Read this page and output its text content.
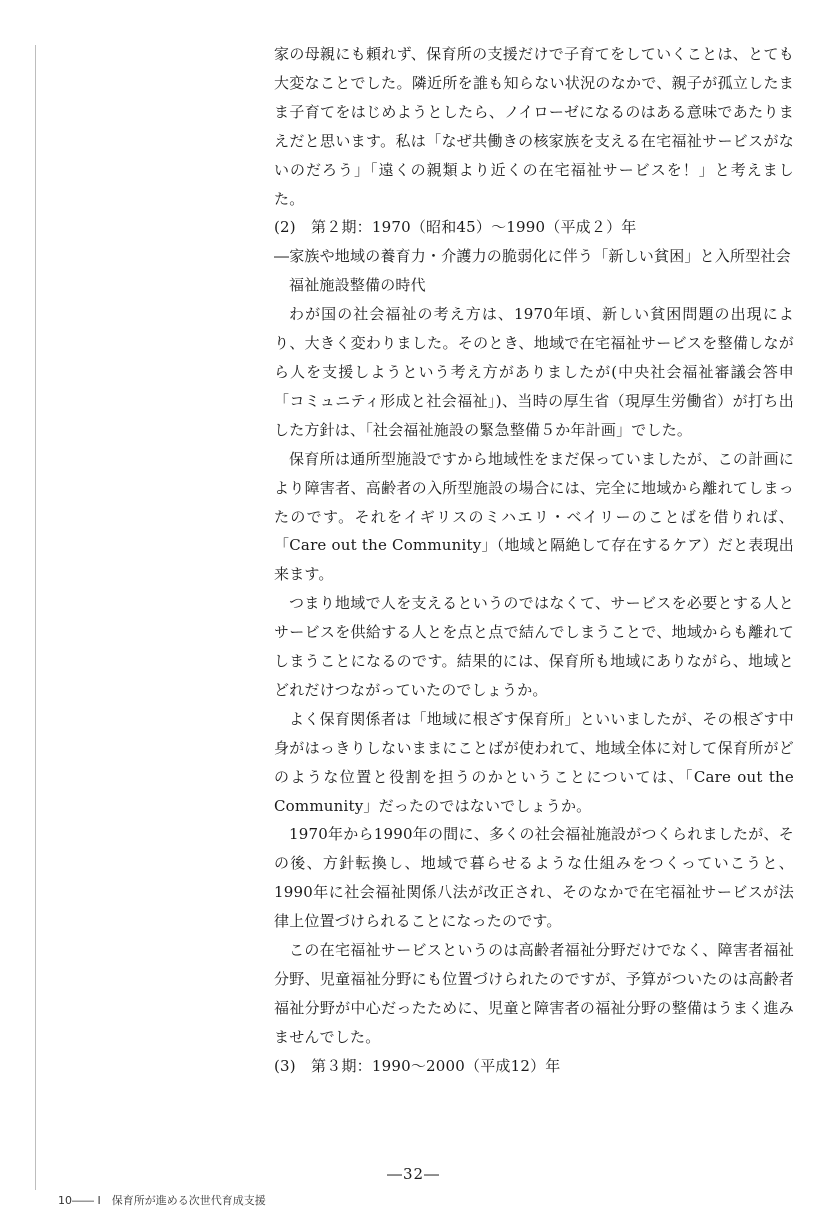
家の母親にも頼れず、保育所の支援だけで子育てをしていくことは、とても大変なことでした。隣近所を誰も知らない状況のなかで、親子が孤立したまま子育てをはじめようとしたら、ノイローゼになるのはある意味であたりまえだと思います。私は「なぜ共働きの核家族を支える在宅福祉サービスがないのだろう」「遠くの親類より近くの在宅福祉サービスを！」と考えました。

(2)　第２期：1970（昭和45）～1990（平成２）年

―家族や地域の養育力・介護力の脆弱化に伴う「新しい貧困」と入所型社会福祉施設整備の時代

わが国の社会福祉の考え方は、1970年頃、新しい貧困問題の出現により、大きく変わりました。そのとき、地域で在宅福祉サービスを整備しながら人を支援しようという考え方がありましたが(中央社会福祉審議会答申「コミュニティ形成と社会福祉」)、当時の厚生省（現厚生労働省）が打ち出した方針は、「社会福祉施設の緊急整備５か年計画」でした。

保育所は通所型施設ですから地域性をまだ保っていましたが、この計画により障害者、高齢者の入所型施設の場合には、完全に地域から離れてしまったのです。それをイギリスのミハエリ・ベイリーのことばを借りれば、「Care out the Community」（地域と隔絶して存在するケア）だと表現出来ます。

つまり地域で人を支えるというのではなくて、サービスを必要とする人とサービスを供給する人とを点と点で結んでしまうことで、地域からも離れてしまうことになるのです。結果的には、保育所も地域にありながら、地域とどれだけつながっていたのでしょうか。

よく保育関係者は「地域に根ざす保育所」といいましたが、その根ざす中身がはっきりしないままにことばが使われて、地域全体に対して保育所がどのような位置と役割を担うのかということについては、「Care out the Community」だったのではないでしょうか。

1970年から1990年の間に、多くの社会福祉施設がつくられましたが、その後、方針転換し、地域で暮らせるような仕組みをつくっていこうと、1990年に社会福祉関係八法が改正され、そのなかで在宅福祉サービスが法律上位置づけられることになったのです。

この在宅福祉サービスというのは高齢者福祉分野だけでなく、障害者福祉分野、児童福祉分野にも位置づけられたのですが、予算がついたのは高齢者福祉分野が中心だったために、児童と障害者の福祉分野の整備はうまく進みませんでした。

(3)　第３期：1990～2000（平成12）年

―32―
10―― I　保育所が進める次世代育成支援
